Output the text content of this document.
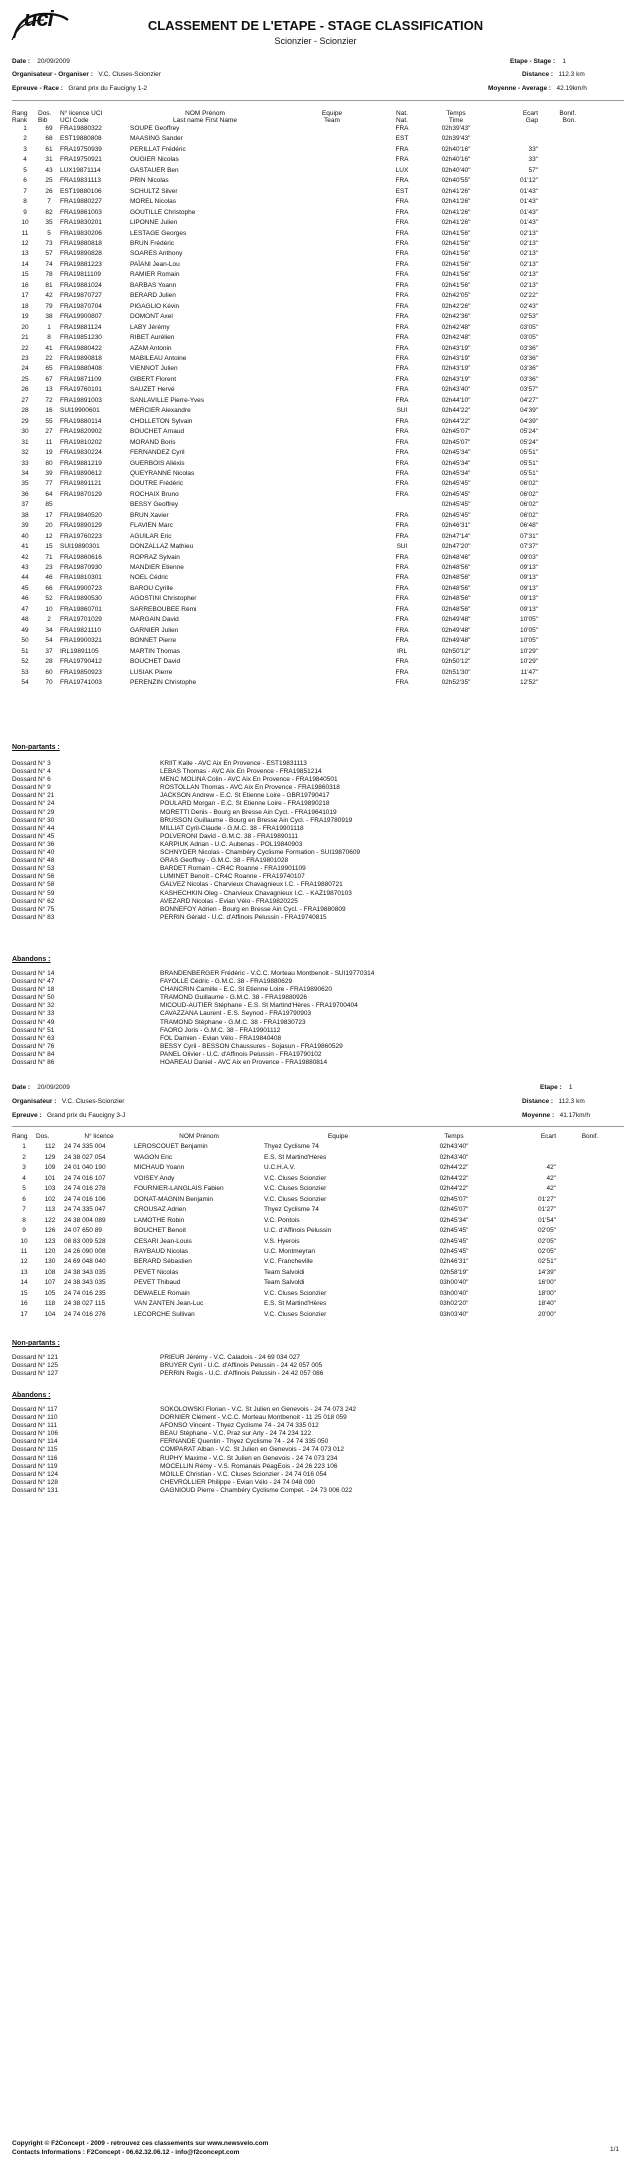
uci	CLASSEMENT DE L'ETAPE - STAGE CLASSIFICATION
Scionzier - Scionzier
Date : 20/09/2009	Etape - Stage : 1
Organisateur - Organiser : V.C. Cluses-Scionzier	Distance : 112.3 km
Epreuve - Race : Grand prix du Faucigny 1-2	Moyenne - Average : 42.19km/h
Rang	Dos.	N° licence UCI	NOM Prénom	Equipe	Nat.	Temps	Ecart	Bonif.	
Rank	Bib	UCI Code	Last name First Name	Team	Nat.	Time	Gap	Bon.	
1	69	FRA19880322	SOUPE Geoffrey		FRA	02h39'43"			
2	68	EST19880808	MAASING Sander		EST	02h39'43"			
3	61	FRA19750939	PERILLAT Frédéric		FRA	02h40'16"	33"		
4	31	FRA19750921	OUGIER Nicolas		FRA	02h40'16"	33"		
5	43	LUX19871114	GASTAUER Ben		LUX	02h40'40"	57"		
6	25	FRA19831113	PRIN Nicolas		FRA	02h40'55"	01'12"		
7	26	EST19880106	SCHULTZ Silver		EST	02h41'26"	01'43"		
8	7	FRA19880227	MOREL Nicolas		FRA	02h41'26"	01'43"		
9	82	FRA19861003	GOUTILLE Christophe		FRA	02h41'26"	01'43"		
10	35	FRA19830201	LIPONNE Julien		FRA	02h41'26"	01'43"		
11	5	FRA19830206	LESTAGE Georges		FRA	02h41'56"	02'13"		
12	73	FRA19880818	BRUN Frédéric		FRA	02h41'56"	02'13"		
13	57	FRA19890828	SOARES Anthony		FRA	02h41'56"	02'13"		
14	74	FRA19881223	PAÏANI Jean-Lou		FRA	02h41'56"	02'13"		
15	78	FRA19811109	RAMIER Romain		FRA	02h41'56"	02'13"		
16	81	FRA19881024	BARBAS Yoann		FRA	02h41'56"	02'13"		
17	42	FRA19870727	BERARD Julien		FRA	02h42'05"	02'22"		
18	79	FRA19870704	PIGAGLIO Kévin		FRA	02h42'26"	02'43"		
19	38	FRA19900807	DOMONT Axel		FRA	02h42'36"	02'53"		
20	1	FRA19881124	LABY Jérémy		FRA	02h42'48"	03'05"		
21	8	FRA19851230	RIBET Aurélien		FRA	02h42'48"	03'05"		
22	41	FRA19880422	AZAM Antonin		FRA	02h43'19"	03'36"		
23	22	FRA19890818	MABILEAU Antoine		FRA	02h43'19"	03'36"		
24	65	FRA19880408	VIENNOT Julien		FRA	02h43'19"	03'36"		
25	67	FRA19871109	GIBERT Florent		FRA	02h43'19"	03'36"		
26	13	FRA19760101	SAUZET Hervé		FRA	02h43'40"	03'57"		
27	72	FRA19891003	SANLAVILLE Pierre-Yves		FRA	02h44'10"	04'27"		
28	16	SUI19900601	MERCIER Alexandre		SUI	02h44'22"	04'39"		
29	55	FRA19880114	CHOLLETON Sylvain		FRA	02h44'22"	04'39"		
30	27	FRA19820902	BOUCHET Arnaud		FRA	02h45'07"	05'24"		
31	11	FRA19810202	MORAND Boris		FRA	02h45'07"	05'24"		
32	19	FRA19830224	FERNANDEZ Cyril		FRA	02h45'34"	05'51"		
33	80	FRA19881219	GUERBOIS Aliéxis		FRA	02h45'34"	05'51"		
34	39	FRA19890612	QUEYRANNE Nicolas		FRA	02h45'34"	05'51"		
35	77	FRA19891121	DOUTRE Frédéric		FRA	02h45'45"	06'02"		
36	64	FRA19870129	ROCHAIX Bruno		FRA	02h45'45"	06'02"		
37	85		BESSY Geoffrey			02h45'45"	06'02"		
38	17	FRA19840520	BRUN Xavier		FRA	02h45'45"	06'02"		
39	20	FRA19890129	FLAVIEN Marc		FRA	02h46'31"	06'48"		
40	12	FRA19760223	AGUILAR Eric		FRA	02h47'14"	07'31"		
41	15	SUI19890301	DONZALLAZ Mathieu		SUI	02h47'20"	07'37"		
42	71	FRA19860616	ROPRAZ Sylvain		FRA	02h48'46"	09'03"		
43	23	FRA19870930	MANDIER Etienne		FRA	02h48'56"	09'13"		
44	46	FRA19810301	NOEL Cédric		FRA	02h48'56"	09'13"		
45	66	FRA19900723	BAROU Cyrille		FRA	02h48'56"	09'13"		
46	52	FRA19890530	AGOSTINI Christopher		FRA	02h48'56"	09'13"		
47	10	FRA19860701	SARREBOUBEE Rémi		FRA	02h48'56"	09'13"		
48	2	FRA19701029	MARGAIN David		FRA	02h49'48"	10'05"		
49	34	FRA19821110	GARNIER Julien		FRA	02h49'48"	10'05"		
50	54	FRA19900321	BONNET Pierre		FRA	02h49'48"	10'05"		
51	37	IRL19891105	MARTIN Thomas		IRL	02h50'12"	10'29"		
52	28	FRA19790412	BOUCHET David		FRA	02h50'12"	10'29"		
53	60	FRA19850923	LUSIAK Pierre		FRA	02h51'30"	11'47"		
54	70	FRA19741003	PERENZIN Christophe		FRA	02h52'35"	12'52"		
Non-partants :
Dossard N° 3	KRIIT Kalle - AVC Aix En Provence - EST19831113
Dossard N° 4	LEBAS Thomas - AVC Aix En Provence - FRA19851214
Dossard N° 6	MENC MOLINA Colin - AVC Aix En Provence - FRA19840501
Dossard N° 9	ROSTOLLAN Thomas - AVC Aix En Provence - FRA19860318
Dossard N° 21	JACKSON Andrew - E.C. St Etienne Loire - GBR19790417
Dossard N° 24	POULARD Morgan - E.C. St Etienne Loire - FRA19890218
Dossard N° 29	MORETTI Denis - Bourg en Bresse Ain Cycl. - FRA19641019
Dossard N° 30	BRUSSON Guillaume - Bourg en Bresse Ain Cycl. - FRA19780919
Dossard N° 44	MILLIAT Cyril-Claude - G.M.C. 38 - FRA19901118
Dossard N° 45	POLVERONI David - G.M.C. 38 - FRA19890111
Dossard N° 36	KARPIUK Adrian - U.C. Aubenas - POL19840903
Dossard N° 40	SCHNYDER Nicolas - Chambéry Cyclisme Formation - SUI19870609
Dossard N° 48	GRAS Geoffrey - G.M.C. 38 - FRA19801028
Dossard N° 53	BARDET Romain - CR4C Roanne - FRA19901109
Dossard N° 56	LUMINET Benoît - CR4C Roanne - FRA19740107
Dossard N° 58	GALVEZ Nicolas - Charvieux Chavagnieux I.C. - FRA19880721
Dossard N° 59	KASHECHKIN Oleg - Charvieux Chavagnieux I.C. - KAZ19870103
Dossard N° 62	AVEZARD Nicolas - Evian Vélo - FRA19820225
Dossard N° 75	BONNEFOY Adrien - Bourg en Bresse Ain Cycl. - FRA19880809
Dossard N° 83	PERRIN Gérald - U.C. d'Affinois Pelussin - FRA19740815
Abandons :
Dossard N° 14	BRANDENBERGER Frédéric - V.C.C. Morteau Montbenoit - SUI19770314
Dossard N° 47	FAYOLLE Cédric - G.M.C. 38 - FRA19880629
Dossard N° 18	CHANCRIN Camille - E.C. St Etienne Loire - FRA19890620
Dossard N° 50	TRAMOND Guillaume - G.M.C. 38 - FRA19880926
Dossard N° 32	MICOUD-AUTIER Stéphane - E.S. St Martind'Hères - FRA19700404
Dossard N° 33	CAVAZZANA Laurent - E.S. Seynod - FRA19790903
Dossard N° 49	TRAMOND Stéphane - G.M.C. 38 - FRA19830723
Dossard N° 51	FAORO Joris - G.M.C. 38 - FRA19901112
Dossard N° 63	FOL Damien - Evian Vélo - FRA19840408
Dossard N° 76	BESSY Cyril - BESSON Chaussures - Sojasun - FRA19860529
Dossard N° 84	PANEL Olivier - U.C. d'Affinois Pelussin - FRA19790102
Dossard N° 86	HOAREAU Daniel - AVC Aix en Provence - FRA19880814
Date : 20/09/2009	Etape : 1
Organisateur : V.C. Cluses-Scionzier	Distance : 112.3 km
Epreuve : Grand prix du Faucigny 3-J	Moyenne : 41.17km/h
Rang	Dos.	N° licence	NOM Prénom	Equipe	Temps	Ecart	Bonif.
1	112	24 74 335 004	LEROSCOUET Benjamin	Thyez Cyclisme 74	02h43'40"		
2	129	24 38 027 054	WAGON Eric	E.S. St Martind'Hères	02h43'40"		
3	109	24 01 040 190	MICHAUD Yoann	U.C.H.A.V.	02h44'22"	42"	
4	101	24 74 016 107	VOISEY Andy	V.C. Cluses Scionzier	02h44'22"	42"	
5	103	24 74 016 278	FOURNIER-LANGLAIS Fabien	V.C. Cluses Scionzier	02h44'22"	42"	
6	102	24 74 016 106	DONAT-MAGNIN Benjamin	V.C. Cluses Scionzier	02h45'07"	01'27"	
7	113	24 74 335 047	CROUSAZ Adrien	Thyez Cyclisme 74	02h45'07"	01'27"	
8	122	24 38 004 089	LAMOTHE Robin	V.C. Pontois	02h45'34"	01'54"	
9	126	24 07 650 89	BOUCHET Benoit	U.C. d'Affinois Pelussin	02h45'45"	02'05"	
10	123	08 83 009 528	CESARI Jean-Louis	V.S. Hyerois	02h45'45"	02'05"	
11	120	24 26 090 008	RAYBAUD Nicolas	U.C. Montmeyran	02h45'45"	02'05"	
12	130	24 69 048 040	BERARD Sébastien	V.C. Francheville	02h46'31"	02'51"	
13	108	24 38 343 035	PEVET Nicolas	Team Salvoldi	02h58'19"	14'39"	
14	107	24 38 343 035	PEVET Thibaud	Team Salvoldi	03h00'40"	16'00"	
15	105	24 74 016 235	DEWAELE Romain	V.C. Cluses Scionzier	03h00'40"	18'00"	
16	118	24 38 027 115	VAN ZANTEN Jean-Luc	E.S. St Martind'Hères	03h02'20"	18'40"	
17	104	24 74 016 276	LECORCHE Sullivan	V.C. Cluses Scionzier	03h03'40"	20'00"	
Non-partants :
Dossard N° 121	PRIEUR Jérémy - V.C. Caladois - 24 69 034 027
Dossard N° 125	BRUYER Cyril - U.C. d'Affinois Pelussin - 24 42 057 005
Dossard N° 127	PERRIN Regis - U.C. d'Affinois Pelussin - 24 42 057 086
Abandons :
Dossard N° 117	SOKOLOWSKI Florian - V.C. St Julien en Genevois - 24 74 073 242
Dossard N° 110	DORNIER Clément - V.C.C. Morteau Montbenoit - 11 25 018 059
Dossard N° 111	AFONSO Vincent - Thyez Cyclisme 74 - 24 74 335 012
Dossard N° 106	BEAU Stéphane - V.C. Praz sur Arly - 24 74 234 122
Dossard N° 114	FERNANDE Quentin - Thyez Cyclisme 74 - 24 74 335 050
Dossard N° 115	COMPARAT Alban - V.C. St Julien en Genevois - 24 74 073 012
Dossard N° 116	RUPHY Maxime - V.C. St Julien en Genevois - 24 74 073 234
Dossard N° 119	MOCELLIN Rémy - V.S. Romanais PéagEois - 24 26 223 106
Dossard N° 124	MOILLE Christian - V.C. Cluses Scionzier - 24 74 016 054
Dossard N° 128	CHEVROLLIER Philippe - Evian Vélo - 24 74 048 090
Dossard N° 131	GAGNIOUD Pierre - Chambéry Cyclisme Compet. - 24 73 006 022
Copyright © F2Concept - 2009 - retrouvez ces classements sur www.newsvelo.com
Contacts Informations : F2Concept - 06.62.32.06.12 - info@f2concept.com	1/1
